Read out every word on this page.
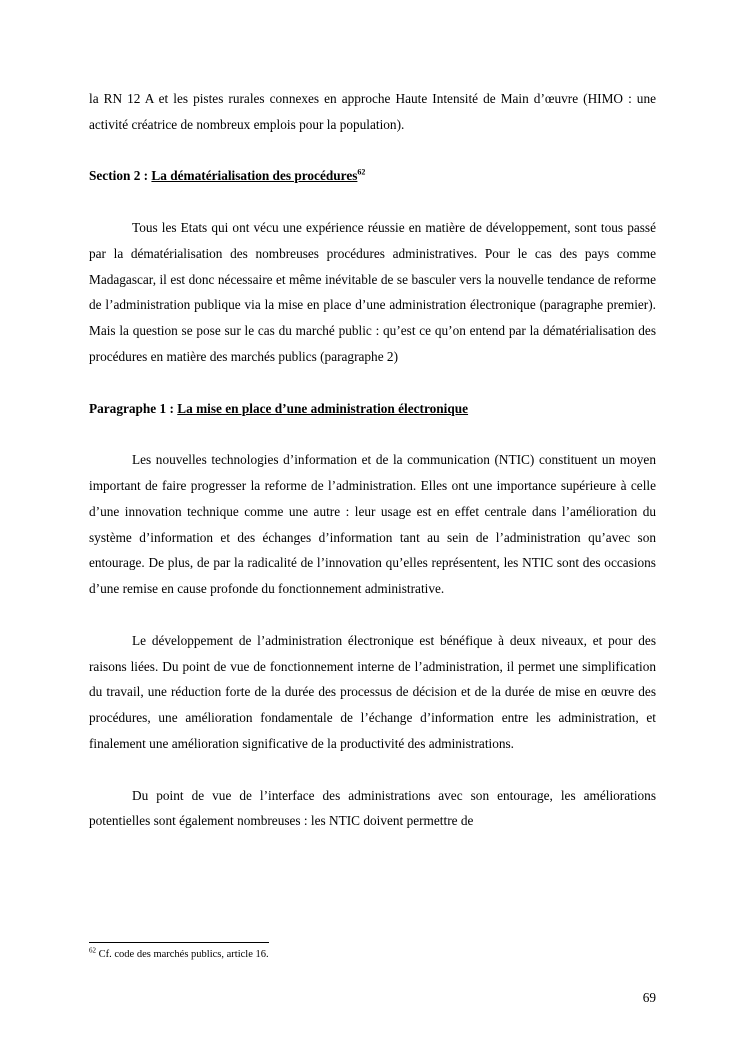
la RN 12 A et les pistes rurales connexes en approche Haute Intensité de Main d’œuvre (HIMO : une activité créatrice de nombreux emplois pour la population).

Section 2 : La dématérialisation des procédures$^{62}$

Tous les Etats qui ont vécu une expérience réussie en matière de développement, sont tous passé par la dématérialisation des nombreuses procédures administratives. Pour le cas des pays comme Madagascar, il est donc nécessaire et même inévitable de se basculer vers la nouvelle tendance de reforme de l’administration publique via la mise en place d’une administration électronique (paragraphe premier). Mais la question se pose sur le cas du marché public : qu’est ce qu’on entend par la dématérialisation des procédures en matière des marchés publics (paragraphe 2)

Paragraphe 1 : La mise en place d’une administration électronique

Les nouvelles technologies d’information et de la communication (NTIC) constituent un moyen important de faire progresser la reforme de l’administration. Elles ont une importance supérieure à celle d’une innovation technique comme une autre : leur usage est en effet centrale dans l’amélioration du système d’information et des échanges d’information tant au sein de l’administration qu’avec son entourage. De plus, de par la radicalité de l’innovation qu’elles représentent, les NTIC sont des occasions d’une remise en cause profonde du fonctionnement administrative.

Le développement de l’administration électronique est bénéfique à deux niveaux, et pour des raisons liées. Du point de vue de fonctionnement interne de l’administration, il permet une simplification du travail, une réduction forte de la durée des processus de décision et de la durée de mise en œuvre des procédures, une amélioration fondamentale de l’échange d’information entre les administration, et finalement une amélioration significative de la productivité des administrations.

Du point de vue de l’interface des administrations avec son entourage, les améliorations potentielles sont également nombreuses : les NTIC doivent permettre de

$^{62}$ Cf. code des marchés publics, article 16.
69
